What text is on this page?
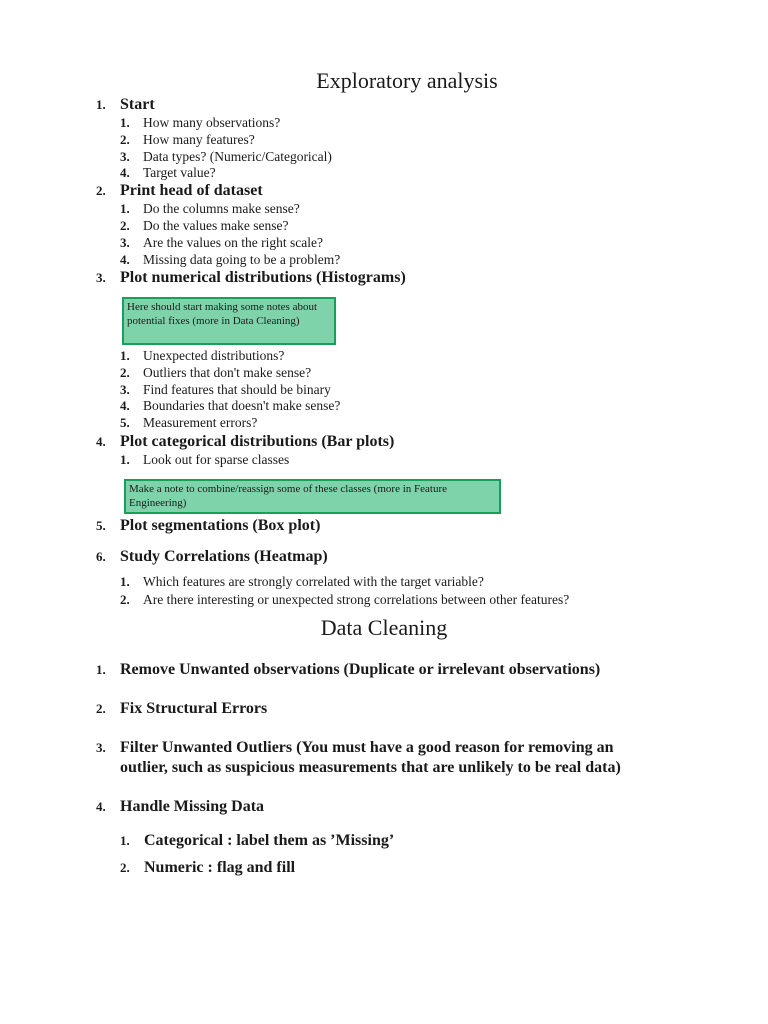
Exploratory analysis
1. Start
1. How many observations?
2. How many features?
3. Data types? (Numeric/Categorical)
4. Target value?
2. Print head of dataset
1. Do the columns make sense?
2. Do the values make sense?
3. Are the values on the right scale?
4. Missing data going to be a problem?
3. Plot numerical distributions (Histograms)
Here should start making some notes about potential fixes (more in Data Cleaning)
1. Unexpected distributions?
2. Outliers that don't make sense?
3. Find features that should be binary
4. Boundaries that doesn't make sense?
5. Measurement errors?
4. Plot categorical distributions (Bar plots)
1. Look out for sparse classes
Make a note to combine/reassign some of these classes (more in Feature Engineering)
5. Plot segmentations (Box plot)
6. Study Correlations (Heatmap)
1. Which features are strongly correlated with the target variable?
2. Are there interesting or unexpected strong correlations between other features?
Data Cleaning
1. Remove Unwanted observations (Duplicate or irrelevant observations)
2. Fix Structural Errors
3. Filter Unwanted Outliers (You must have a good reason for removing an
outlier, such as suspicious measurements that are unlikely to be real data)
4. Handle Missing Data
1. Categorical : label them as ’Missing’
2. Numeric : flag and fill
